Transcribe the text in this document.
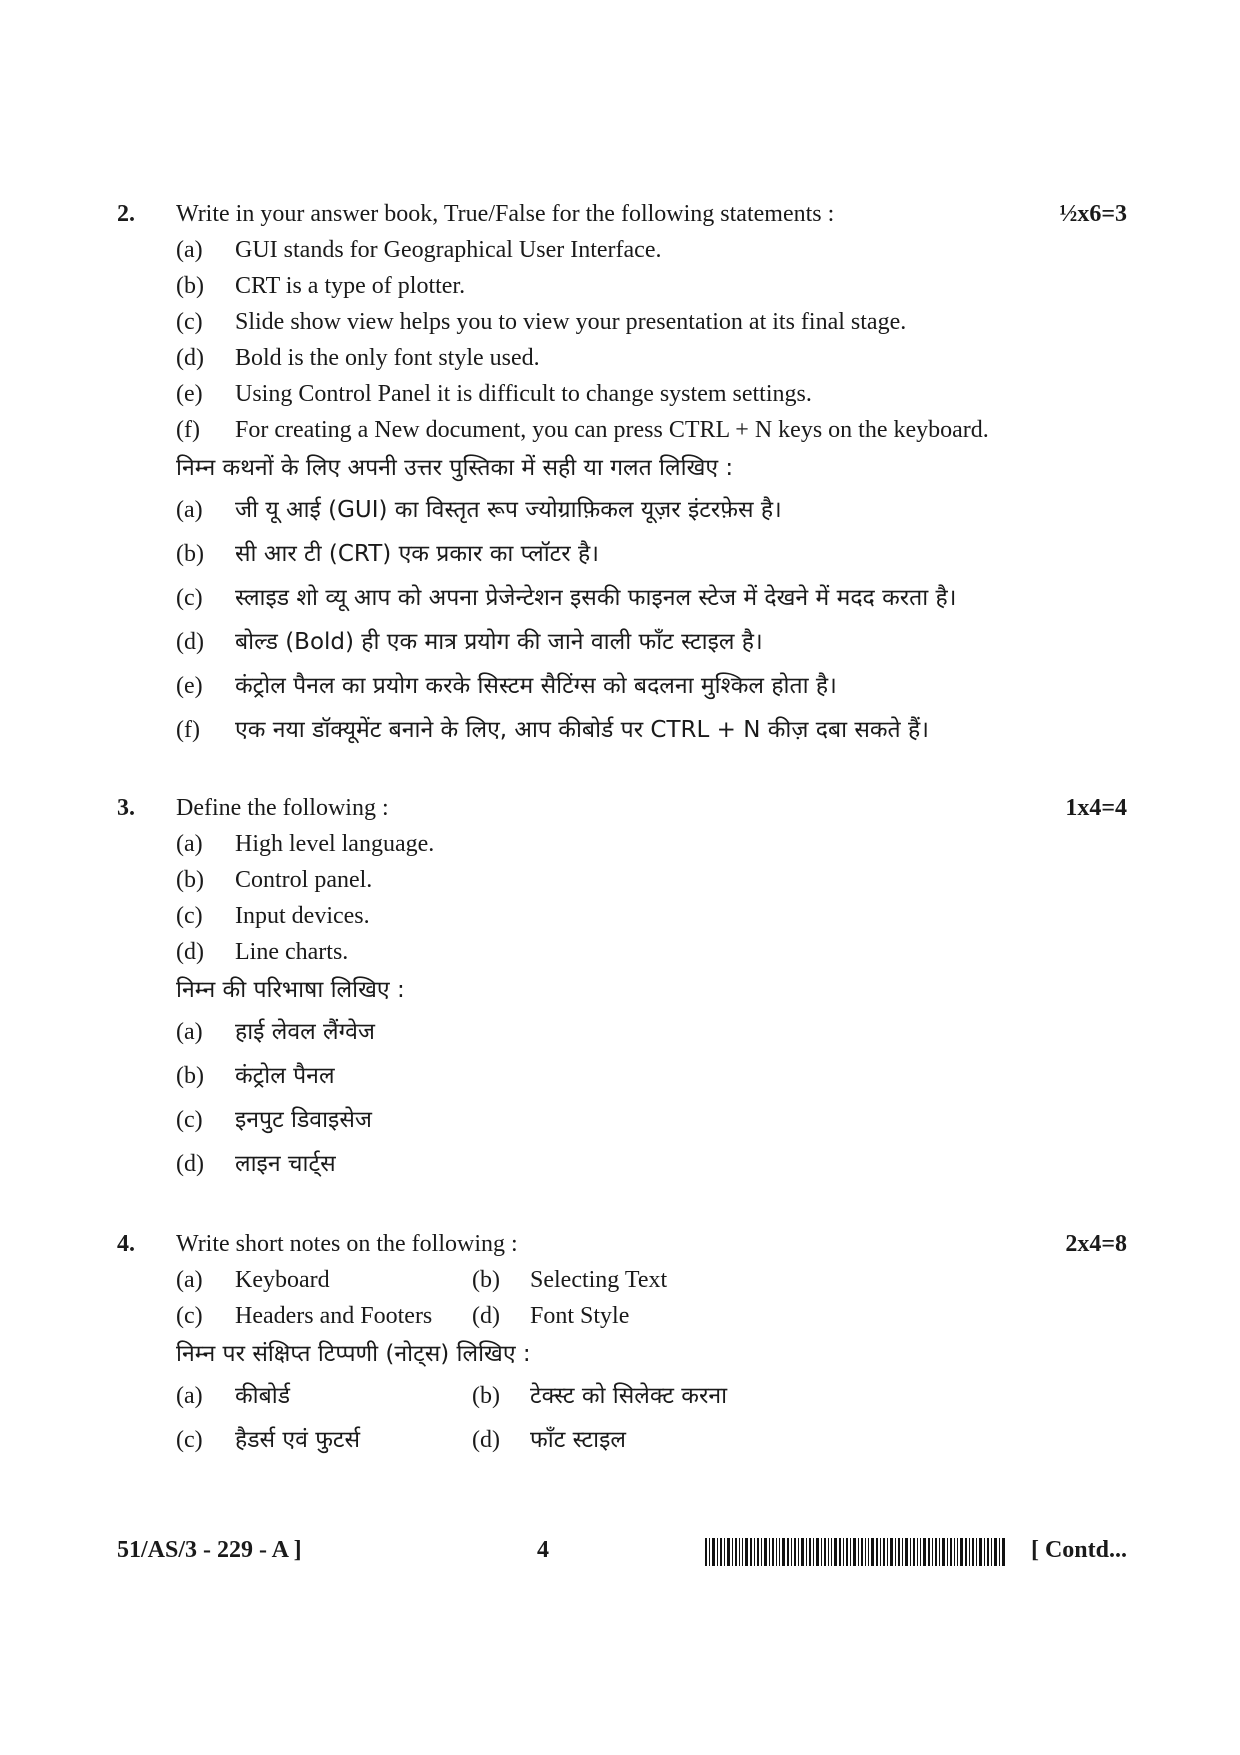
2. Write in your answer book, True/False for the following statements :	½x6=3
(a) GUI stands for Geographical User Interface.
(b) CRT is a type of plotter.
(c) Slide show view helps you to view your presentation at its final stage.
(d) Bold is the only font style used.
(e) Using Control Panel it is difficult to change system settings.
(f) For creating a New document, you can press CTRL + N keys on the keyboard.
निम्न कथनों के लिए अपनी उत्तर पुस्तिका में सही या गलत लिखिए :
(a) जी यू आई (GUI) का विस्तृत रूप ज्योग्राफ़िकल यूज़र इंटरफ़ेस है।
(b) सी आर टी (CRT) एक प्रकार का प्लॉटर है।
(c) स्लाइड शो व्यू आप को अपना प्रेजेन्टेशन इसकी फाइनल स्टेज में देखने में मदद करता है।
(d) बोल्ड (Bold) ही एक मात्र प्रयोग की जाने वाली फॉंट स्टाइल है।
(e) कंट्रोल पैनल का प्रयोग करके सिस्टम सैटिंग्स को बदलना मुश्किल होता है।
(f) एक नया डॉक्यूमेंट बनाने के लिए, आप कीबोर्ड पर CTRL + N कीज़ दबा सकते हैं।
3. Define the following :	1x4=4
(a) High level language.
(b) Control panel.
(c) Input devices.
(d) Line charts.
निम्न की परिभाषा लिखिए :
(a) हाई लेवल लैंग्वेज
(b) कंट्रोल पैनल
(c) इनपुट डिवाइसेज
(d) लाइन चार्ट्स
4. Write short notes on the following :	2x4=8
(a) Keyboard	(b) Selecting Text
(c) Headers and Footers (d) Font Style
निम्न पर संक्षिप्त टिप्पणी (नोट्स) लिखिए :
(a) कीबोर्ड	(b) टेक्स्ट को सिलेक्ट करना
(c) हैडर्स एवं फुटर्स	(d) फॉंट स्टाइल
51/AS/3 - 229 - A ]	4	[ Contd...
